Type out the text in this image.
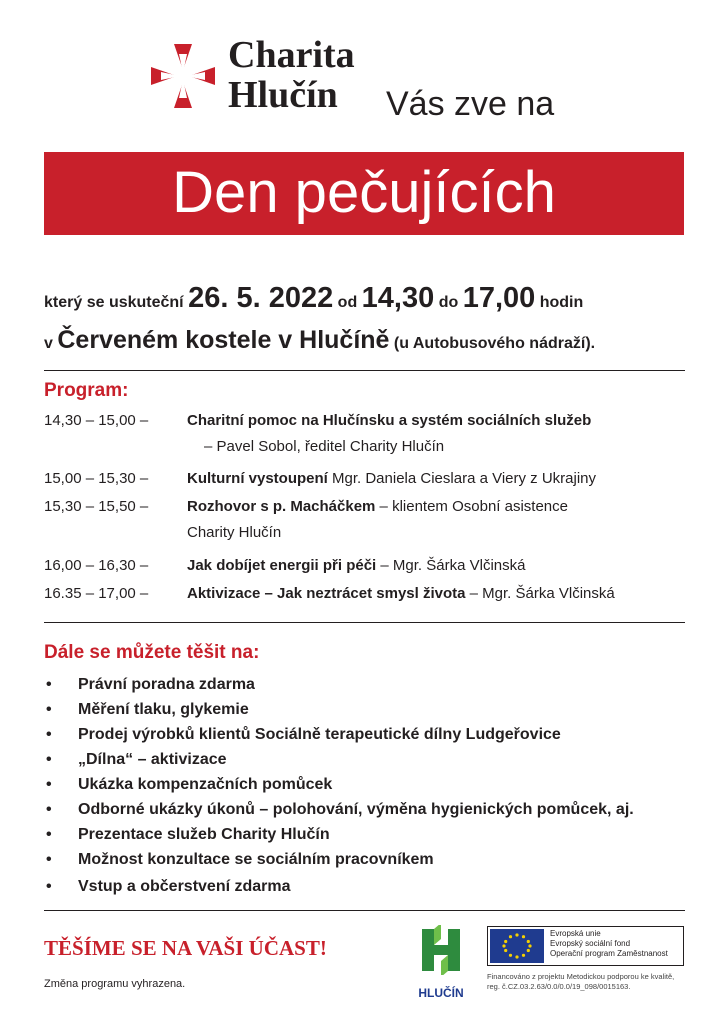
Charita
Hlučín	Vás zve na
Den pečujících
který se uskuteční 26. 5. 2022 od 14,30 do 17,00 hodin
v Červeném kostele v Hlučíně (u Autobusového nádraží).
Program:
14,30 – 15,00 –	Charitní pomoc na Hlučínsku a systém sociálních služeb
– Pavel Sobol, ředitel Charity Hlučín
15,00 – 15,30 –	Kulturní vystoupení Mgr. Daniela Cieslara a Viery z Ukrajiny
15,30 – 15,50 –	Rozhovor s p. Macháčkem – klientem Osobní asistence
Charity Hlučín
16,00 – 16,30 –	Jak dobíjet energii při péči – Mgr. Šárka Vlčinská
16.35 – 17,00 –	Aktivizace – Jak neztrácet smysl života – Mgr. Šárka Vlčinská
Dále se můžete těšit na:
• Právní poradna zdarma
• Měření tlaku, glykemie
• Prodej výrobků klientů Sociálně terapeutické dílny Ludgeřovice
• „Dílna“ – aktivizace
• Ukázka kompenzačních pomůcek
• Odborné ukázky úkonů – polohování, výměna hygienických pomůcek, aj.
• Prezentace služeb Charity Hlučín
• Možnost konzultace se sociálním pracovníkem
• Vstup a občerstvení zdarma
TĚŠÍME SE NA VAŠI ÚČAST!
Změna programu vyhrazena.
HLUČÍN
Evropská unie
Evropský sociální fond
Operační program Zaměstnanost
Financováno z projektu Metodickou podporou ke kvalitě,
reg. č.CZ.03.2.63/0.0/0.0/19_098/0015163.
